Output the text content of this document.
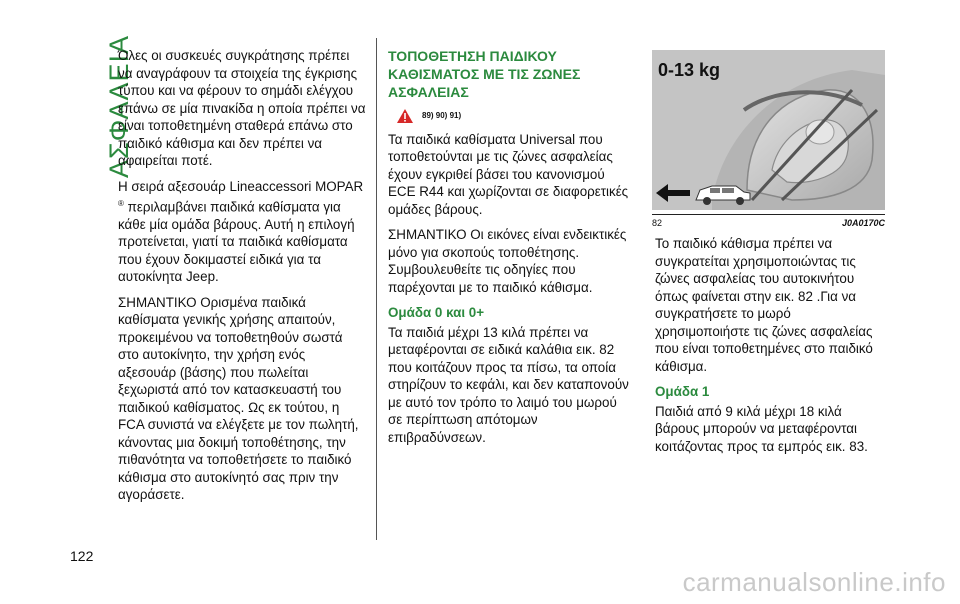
ΑΣΦΑΛΕΙΑ
122

Όλες οι συσκευές συγκράτησης πρέπει να αναγράφουν τα στοιχεία της έγκρισης τύπου και να φέρουν το σημάδι ελέγχου επάνω σε μία πινακίδα η οποία πρέπει να είναι τοποθετημένη σταθερά επάνω στο παιδικό κάθισμα και δεν πρέπει να αφαιρείται ποτέ.

Η σειρά αξεσουάρ Lineaccessori MOPAR ® περιλαμβάνει παιδικά καθίσματα για κάθε μία ομάδα βάρους. Αυτή η επιλογή προτείνεται, γιατί τα παιδικά καθίσματα που έχουν δοκιμαστεί ειδικά για τα αυτοκίνητα Jeep.

ΣΗΜΑΝΤΙΚΟ Ορισμένα παιδικά καθίσματα γενικής χρήσης απαιτούν, προκειμένου να τοποθετηθούν σωστά στο αυτοκίνητο, την χρήση ενός αξεσουάρ (βάσης) που πωλείται ξεχωριστά από τον κατασκευαστή του παιδικού καθίσματος. Ως εκ τούτου, η FCA συνιστά να ελέγξετε με τον πωλητή, κάνοντας μια δοκιμή τοποθέτησης, την πιθανότητα να τοποθετήσετε το παιδικό κάθισμα στο αυτοκίνητό σας πριν την αγοράσετε.

ΤΟΠΟΘΕΤΗΣΗ ΠΑΙΔΙΚΟΥ ΚΑΘΙΣΜΑΤΟΣ ΜΕ ΤΙΣ ΖΩΝΕΣ ΑΣΦΑΛΕΙΑΣ
89) 90) 91)

Τα παιδικά καθίσματα Universal που τοποθετούνται με τις ζώνες ασφαλείας έχουν εγκριθεί βάσει του κανονισμού ECE R44 και χωρίζονται σε διαφορετικές ομάδες βάρους.

ΣΗΜΑΝΤΙΚΟ Οι εικόνες είναι ενδεικτικές μόνο για σκοπούς τοποθέτησης. Συμβουλευθείτε τις οδηγίες που παρέχονται με το παιδικό κάθισμα.

Ομάδα 0 και 0+

Τα παιδιά μέχρι 13 κιλά πρέπει να μεταφέρονται σε ειδικά καλάθια εικ. 82 που κοιτάζουν προς τα πίσω, τα οποία στηρίζουν το κεφάλι, και δεν καταπονούν με αυτό τον τρόπο το λαιμό του μωρού σε περίπτωση απότομων επιβραδύνσεων.

0-13 kg
82	J0A0170C

Το παιδικό κάθισμα πρέπει να συγκρατείται χρησιμοποιώντας τις ζώνες ασφαλείας του αυτοκινήτου όπως φαίνεται στην εικ. 82 .Για να συγκρατήσετε το μωρό χρησιμοποιήστε τις ζώνες ασφαλείας που είναι τοποθετημένες στο παιδικό κάθισμα.

Ομάδα 1

Παιδιά από 9 κιλά μέχρι 18 κιλά βάρους μπορούν να μεταφέρονται κοιτάζοντας προς τα εμπρός εικ. 83.

carmanualsonline.info
